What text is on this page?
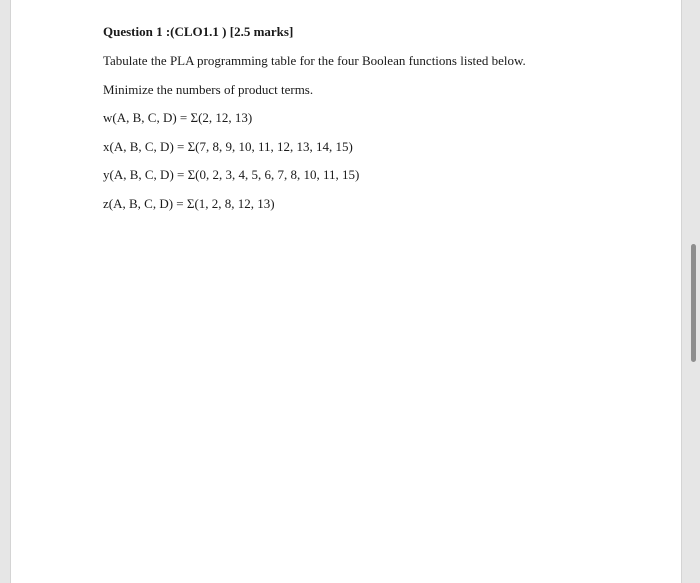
Question 1 :(CLO1.1 ) [2.5 marks]

Tabulate the PLA programming table for the four Boolean functions listed below.

Minimize the numbers of product terms.

w(A, B, C, D) = Σ(2, 12, 13)

x(A, B, C, D) = Σ(7, 8, 9, 10, 11, 12, 13, 14, 15)

y(A, B, C, D) = Σ(0, 2, 3, 4, 5, 6, 7, 8, 10, 11, 15)

z(A, B, C, D) = Σ(1, 2, 8, 12, 13)
